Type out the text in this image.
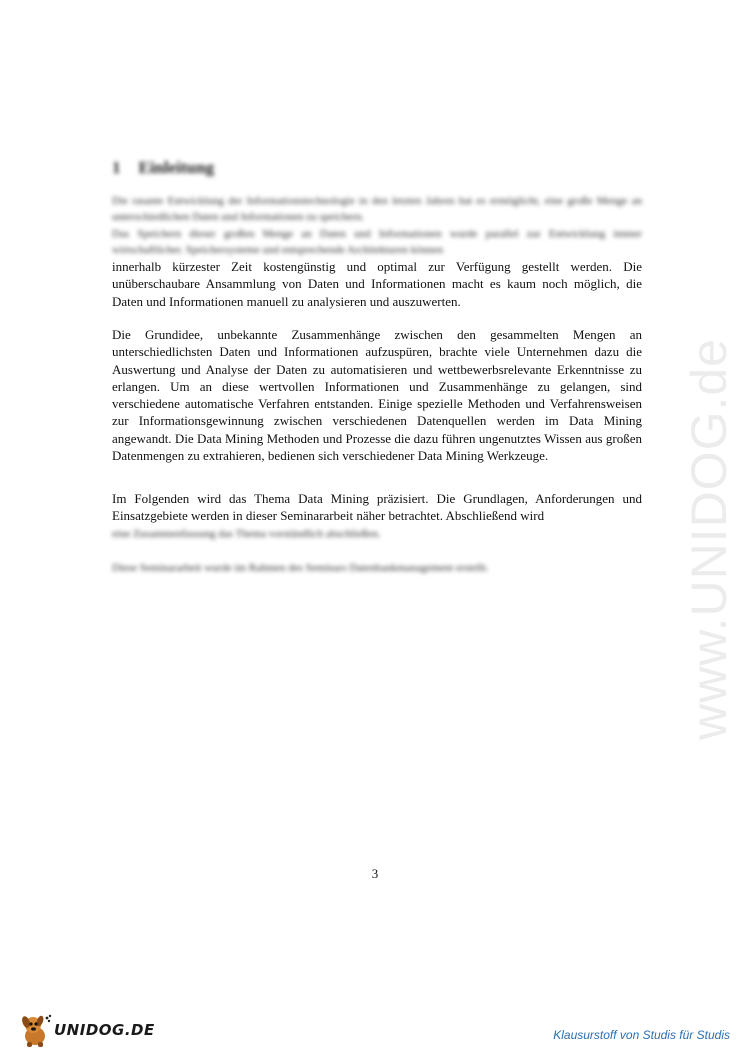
1 Einleitung
Die rasante Entwicklung der Informationstechnologie in den letzten Jahren hat es ermöglicht, eine große Menge an unterschiedlichen Daten und Informationen zu speichern.
Das Speichern dieser großen Menge an Daten und Informationen wurde parallel zur Entwicklung immer wirtschaftlicher. Speichersysteme und entsprechende Architekturen können
innerhalb kürzester Zeit kostengünstig und optimal zur Verfügung gestellt werden. Die unüberschaubare Ansammlung von Daten und Informationen macht es kaum noch möglich, die Daten und Informationen manuell zu analysieren und auszuwerten.
Die Grundidee, unbekannte Zusammenhänge zwischen den gesammelten Mengen an unterschiedlichsten Daten und Informationen aufzuspüren, brachte viele Unternehmen dazu die Auswertung und Analyse der Daten zu automatisieren und wettbewerbsrelevante Erkenntnisse zu erlangen. Um an diese wertvollen Informationen und Zusammenhänge zu gelangen, sind verschiedene automatische Verfahren entstanden. Einige spezielle Methoden und Verfahrensweisen zur Informationsgewinnung zwischen verschiedenen Datenquellen werden im Data Mining angewandt. Die Data Mining Methoden und Prozesse die dazu führen ungenutztes Wissen aus großen Datenmengen zu extrahieren, bedienen sich verschiedener Data Mining Werkzeuge.
Im Folgenden wird das Thema Data Mining präzisiert. Die Grundlagen, Anforderungen und Einsatzgebiete werden in dieser Seminararbeit näher betrachtet. Abschließend wird
eine Zusammenfassung das Thema vorständlich abschließen.
Diese Seminararbeit wurde im Rahmen des Seminars Datenbankmanagement erstellt.
3
www.UNIDOG.de
UNIDOG.DE	Klausurstoff von Studis für Studis
